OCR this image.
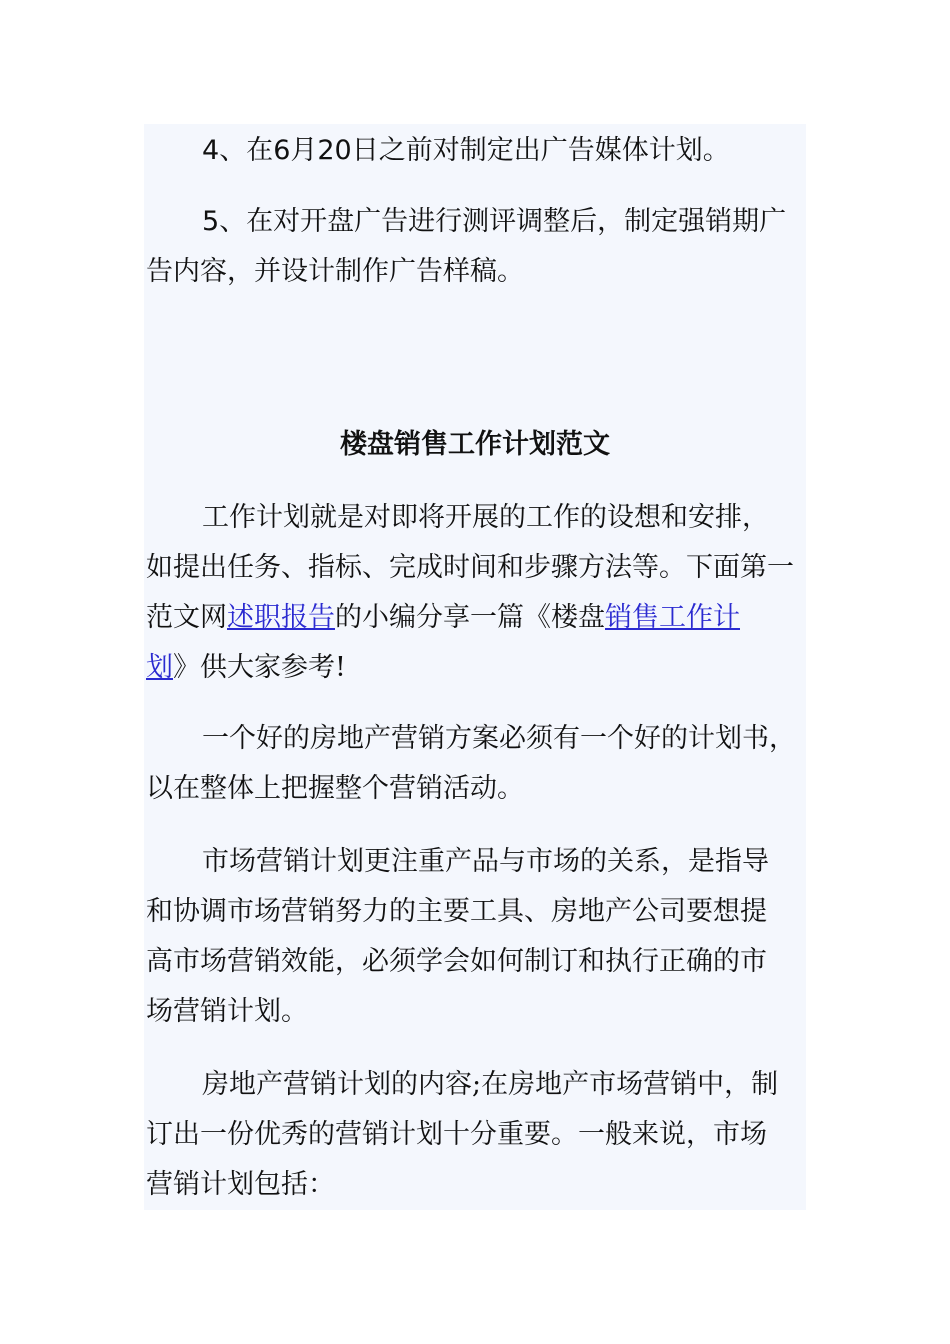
4、在6月20日之前对制定出广告媒体计划。

5、在对开盘广告进行测评调整后，制定强销期广
告内容，并设计制作广告样稿。

楼盘销售工作计划范文

工作计划就是对即将开展的工作的设想和安排，
如提出任务、指标、完成时间和步骤方法等。下面第一
范文网述职报告的小编分享一篇《楼盘销售工作计
划》供大家参考!

一个好的房地产营销方案必须有一个好的计划书，
以在整体上把握整个营销活动。

市场营销计划更注重产品与市场的关系，是指导
和协调市场营销努力的主要工具、房地产公司要想提
高市场营销效能，必须学会如何制订和执行正确的市
场营销计划。

房地产营销计划的内容;在房地产市场营销中，制
订出一份优秀的营销计划十分重要。一般来说，市场
营销计划包括：
